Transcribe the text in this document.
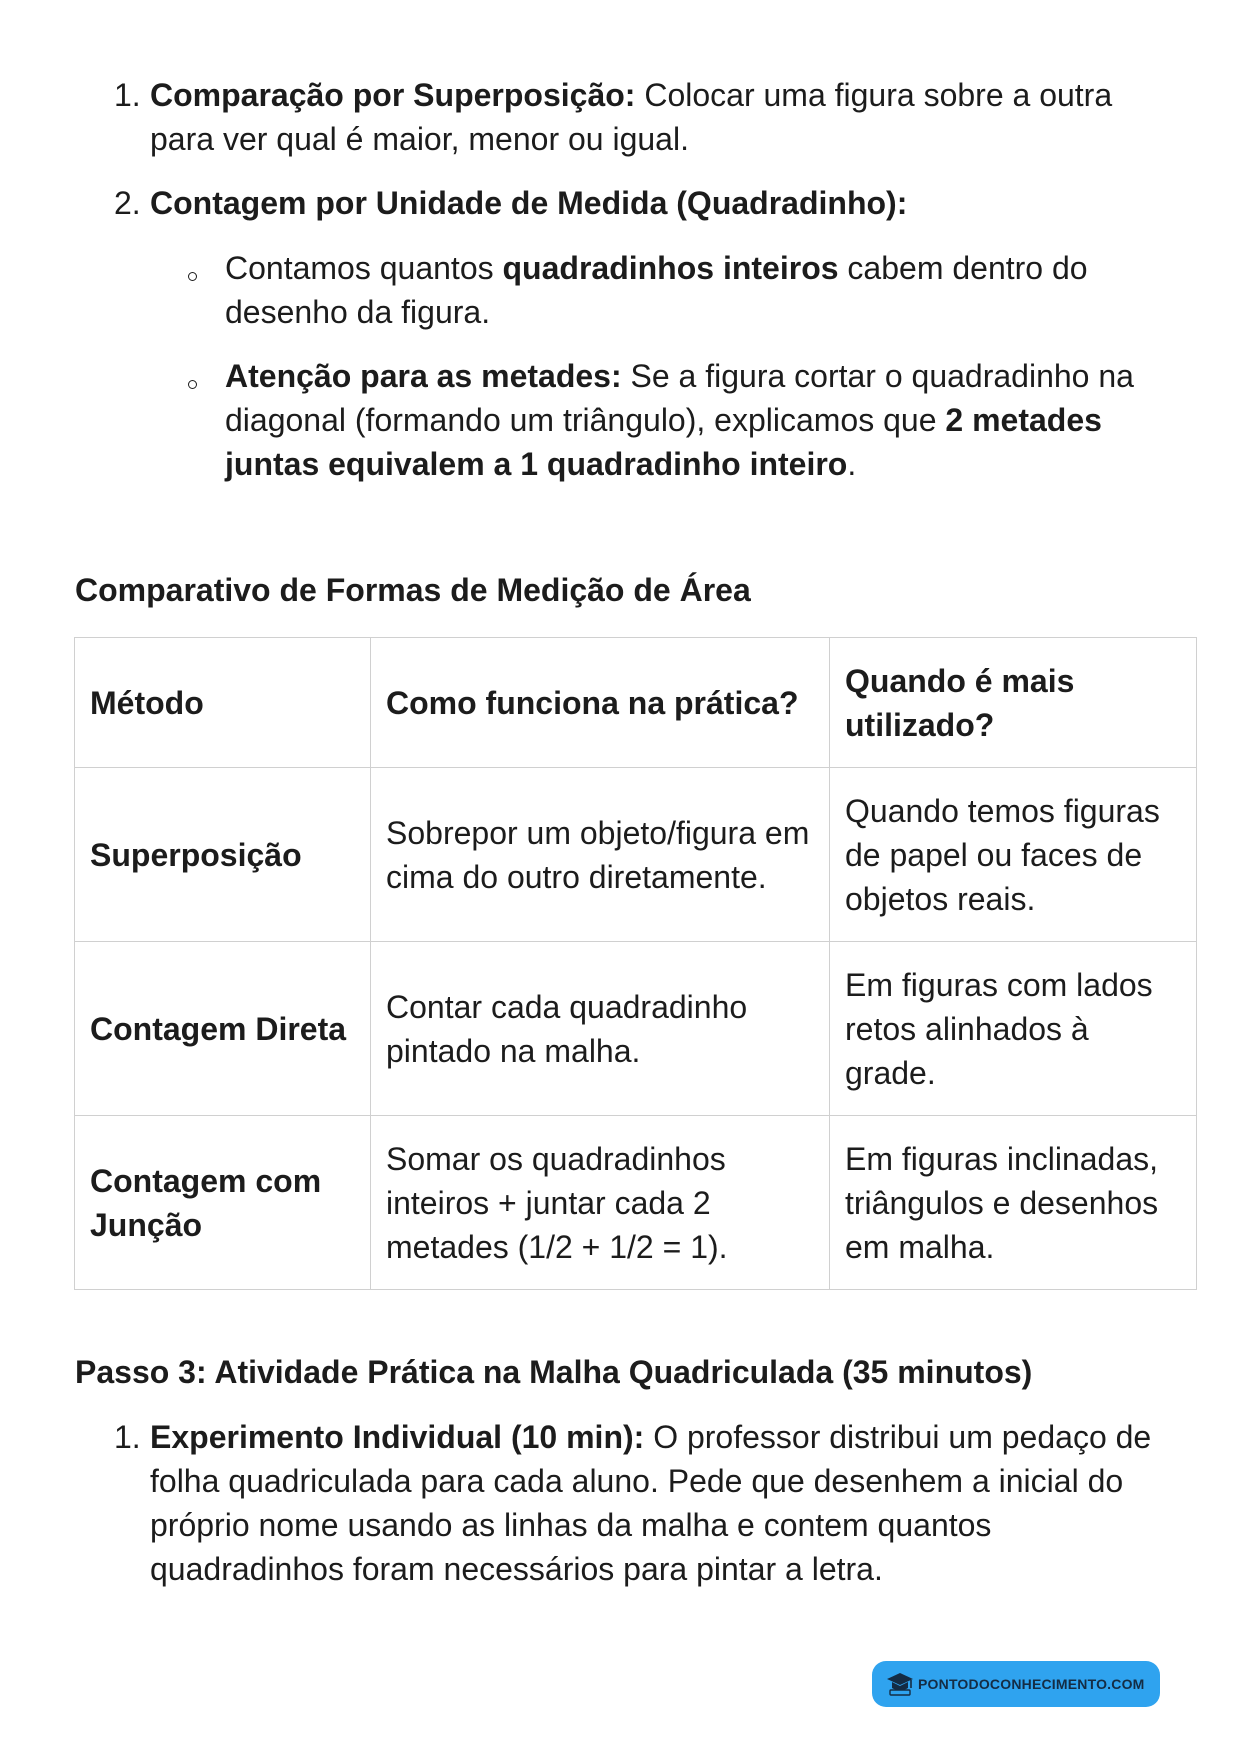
1. Comparação por Superposição: Colocar uma figura sobre a outra para ver qual é maior, menor ou igual.

2. Contagem por Unidade de Medida (Quadradinho):

Contamos quantos quadradinhos inteiros cabem dentro do desenho da figura.

Atenção para as metades: Se a figura cortar o quadradinho na diagonal (formando um triângulo), explicamos que 2 metades juntas equivalem a 1 quadradinho inteiro.

Comparativo de Formas de Medição de Área
Método	Como funciona na prática?	Quando é mais utilizado?
Superposição	Sobrepor um objeto/figura em cima do outro diretamente.	Quando temos figuras de papel ou faces de objetos reais.
Contagem Direta	Contar cada quadradinho pintado na malha.	Em figuras com lados retos alinhados à grade.
Contagem com Junção	Somar os quadradinhos inteiros + juntar cada 2 metades (1/2 + 1/2 = 1).	Em figuras inclinadas, triângulos e desenhos em malha.
Passo 3: Atividade Prática na Malha Quadriculada (35 minutos)
1. Experimento Individual (10 min): O professor distribui um pedaço de folha quadriculada para cada aluno. Pede que desenhem a inicial do próprio nome usando as linhas da malha e contem quantos quadradinhos foram necessários para pintar a letra.

PONTODOCONHECIMENTO.COM
